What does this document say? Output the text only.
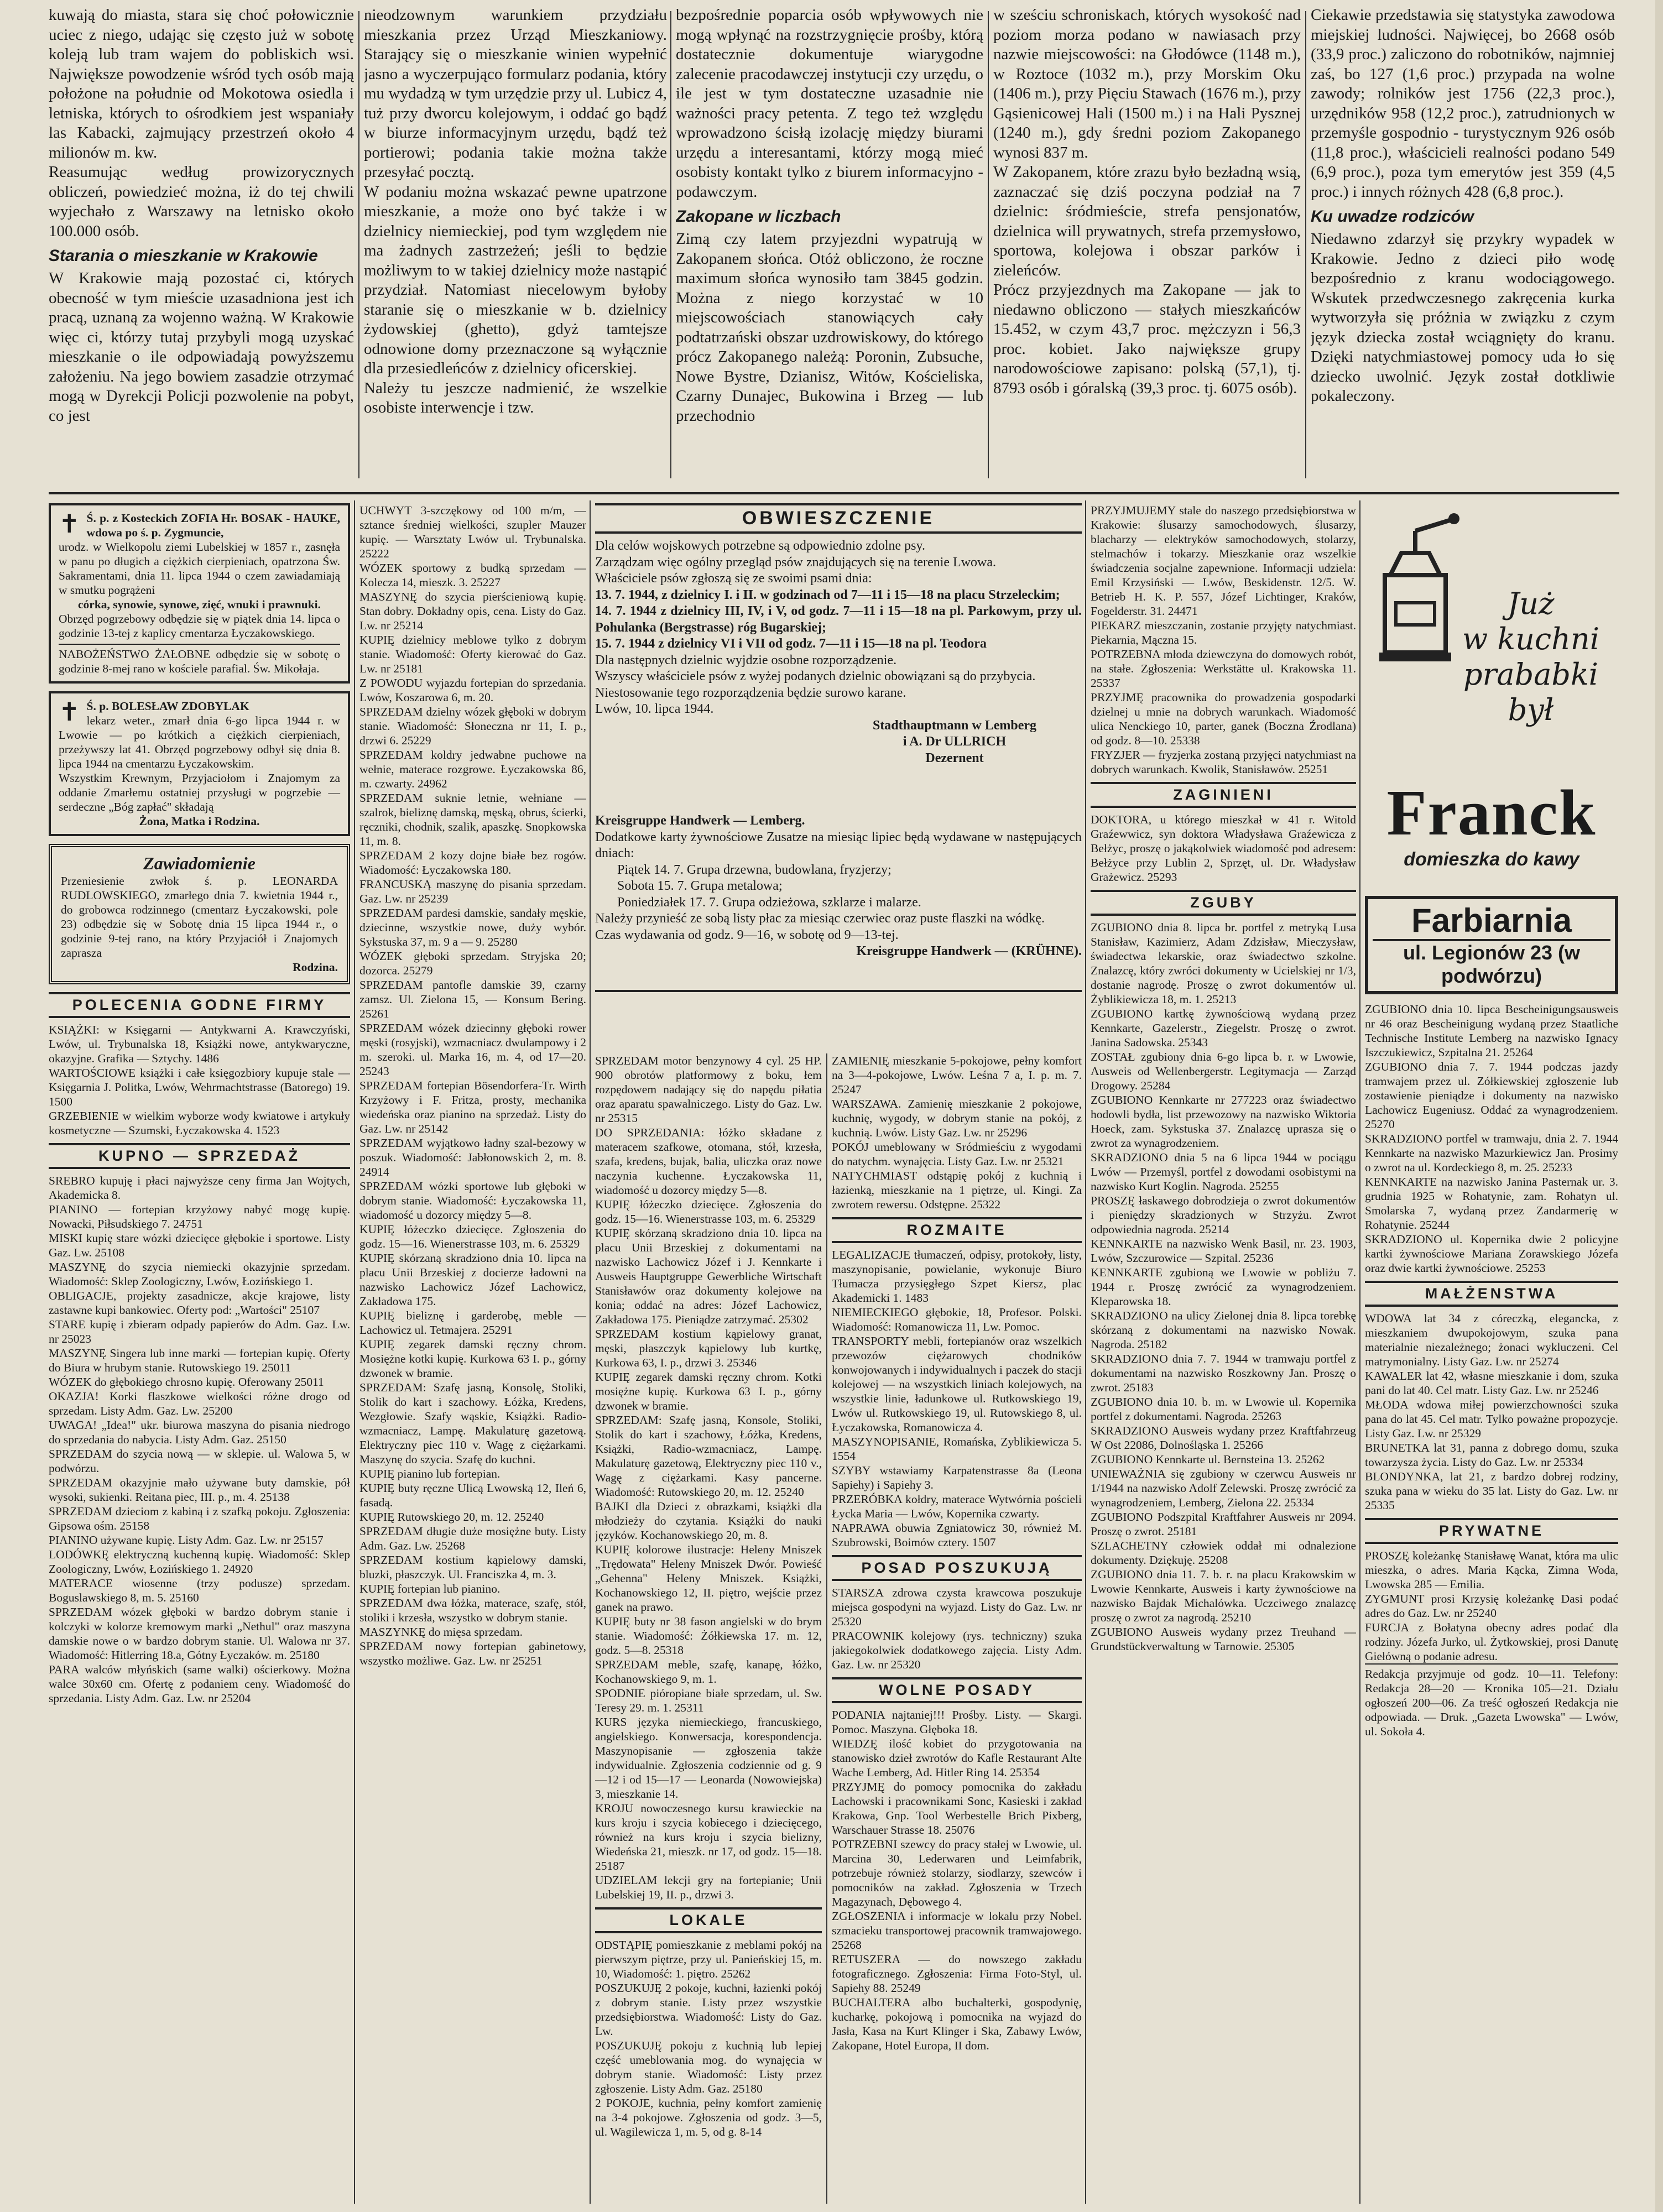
kuwają do miasta, stara się choć połowicznie uciec z niego, udając się często już w sobotę koleją lub tram wajem do pobliskich wsi. Największe powodzenie wśród tych osób mają położone na południe od Mokotowa osiedla i letniska, których to ośrodkiem jest wspaniały las Kabacki, zajmujący przestrzeń około 4 milionów m. kw.
Reasumując według prowizorycznych obliczeń, powiedzieć można, iż do tej chwili wyjechało z Warszawy na letnisko około 100.000 osób.

Starania o mieszkanie w Krakowie

W Krakowie mają pozostać ci, których obecność w tym mieście uzasadniona jest ich pracą, uznaną za wojenno ważną. W Krakowie więc ci, którzy tutaj przybyli mogą uzyskać mieszkanie o ile odpowiadają powyższemu założeniu. Na jego bowiem zasadzie otrzymać mogą w Dyrekcji Policji pozwolenie na pobyt, co jest

nieodzownym warunkiem przydziału mieszkania przez Urząd Mieszkaniowy. Starający się o mieszkanie winien wypełnić jasno a wyczerpująco formularz podania, który mu wydadzą w tym urzędzie przy ul. Lubicz 4, tuż przy dworcu kolejowym, i oddać go bądź w biurze informacyjnym urzędu, bądź też portierowi; podania takie można także przesyłać pocztą.
W podaniu można wskazać pewne upatrzone mieszkanie, a może ono być także i w dzielnicy niemieckiej, pod tym względem nie ma żadnych zastrzeżeń; jeśli to będzie możliwym to w takiej dzielnicy może nastąpić przydział. Natomiast niecelowym byłoby staranie się o mieszkanie w b. dzielnicy żydowskiej (ghetto), gdyż tamtejsze odnowione domy przeznaczone są wyłącznie dla przesiedleńców z dzielnicy oficerskiej.
Należy tu jeszcze nadmienić, że wszelkie osobiste interwencje i tzw.

bezpośrednie poparcia osób wpływowych nie mogą wpłynąć na rozstrzygnięcie prośby, którą dostatecznie dokumentuje wiarygodne zalecenie pracodawczej instytucji czy urzędu, o ile jest w tym dostateczne uzasadnie nie ważności pracy petenta. Z tego też względu wprowadzono ścisłą izolację między biurami urzędu a interesantami, którzy mogą mieć osobisty kontakt tylko z biurem informacyjno - podawczym.

Zakopane w liczbach

Zimą czy latem przyjezdni wypatrują w Zakopanem słońca. Otóż obliczono, że roczne maximum słońca wynosiło tam 3845 godzin. Można z niego korzystać w 10 miejscowościach stanowiących cały podtatrzański obszar uzdrowiskowy, do którego prócz Zakopanego należą: Poronin, Zubsuche, Nowe Bystre, Dzianisz, Witów, Kościeliska, Czarny Dunajec, Bukowina i Brzeg — lub przechodnio

w sześciu schroniskach, których wysokość nad poziom morza podano w nawiasach przy nazwie miejscowości: na Głodówce (1148 m.), w Roztoce (1032 m.), przy Morskim Oku (1406 m.), przy Pięciu Stawach (1676 m.), przy Gąsienicowej Hali (1500 m.) i na Hali Pysznej (1240 m.), gdy średni poziom Zakopanego wynosi 837 m.
W Zakopanem, które zrazu było bezładną wsią, zaznaczać się dziś poczyna podział na 7 dzielnic: śródmieście, strefa pensjonatów, dzielnica will prywatnych, strefa przemysłowo, sportowa, kolejowa i obszar parków i zieleńców.
Prócz przyjezdnych ma Zakopane — jak to niedawno obliczono — stałych mieszkańców 15.452, w czym 43,7 proc. mężczyzn i 56,3 proc. kobiet. Jako największe grupy narodowościowe zapisano: polską (57,1), tj. 8793 osób i góralską (39,3 proc. tj. 6075 osób).

Ciekawie przedstawia się statystyka zawodowa miejskiej ludności. Najwięcej, bo 2668 osób (33,9 proc.) zaliczono do robotników, najmniej zaś, bo 127 (1,6 proc.) przypada na wolne zawody; rolników jest 1756 (22,3 proc.), urzędników 958 (12,2 proc.), zatrudnionych w przemyśle gospodnio - turystycznym 926 osób (11,8 proc.), właścicieli realności podano 549 (6,9 proc.), poza tym emerytów jest 359 (4,5 proc.) i innych różnych 428 (6,8 proc.).

Ku uwadze rodziców

Niedawno zdarzył się przykry wypadek w Krakowie. Jedno z dzieci piło wodę bezpośrednio z kranu wodociągowego. Wskutek przedwczesnego zakręcenia kurka wytworzyła się próżnia w związku z czym język dziecka został wciągnięty do kranu. Dzięki natychmiastowej pomocy uda ło się dziecko uwolnić. Język został dotkliwie pokaleczony.

✝ Ś. p. z Kosteckich ZOFIA Hr. BOSAK - HAUKE, wdowa po ś. p. Zygmuncie,

urodz. w Wielkopolu ziemi Lubelskiej w 1857 r., zasnęła w panu po długich a ciężkich cierpieniach, opatrzona Św. Sakramentami, dnia 11. lipca 1944 o czem zawiadamiają w smutku pogrążeni

córka, synowie, synowe, zięć, wnuki i prawnuki.

Obrzęd pogrzebowy odbędzie się w piątek dnia 14. lipca o godzinie 13-tej z kaplicy cmentarza Łyczakowskiego.

NABOŻEŃSTWO ŻAŁOBNE odbędzie się w sobotę o godzinie 8-mej rano w kościele parafial. Św. Mikołaja.

✝ Ś. p. BOLESŁAW ZDOBYLAK

lekarz weter., zmarł dnia 6-go lipca 1944 r. w Lwowie — po krótkich a ciężkich cierpieniach, przeżywszy lat 41. Obrzęd pogrzebowy odbył się dnia 8. lipca 1944 na cmentarzu Łyczakowskim.
Wszystkim Krewnym, Przyjaciołom i Znajomym za oddanie Zmarłemu ostatniej przysługi w pogrzebie — serdeczne „Bóg zapłać" składają

Żona, Matka i Rodzina.

Zawiadomienie

Przeniesienie zwłok ś. p. LEONARDA RUDLOWSKIEGO, zmarłego dnia 7. kwietnia 1944 r., do grobowca rodzinnego (cmentarz Łyczakowski, pole 23) odbędzie się w Sobotę dnia 15 lipca 1944 r., o godzinie 9-tej rano, na który Przyjaciół i Znajomych zaprasza

Rodzina.

POLECENIA GODNE FIRMY

KSIĄŻKI: w Księgarni — Antykwarni A. Krawczyński, Lwów, ul. Trybunalska 18, Książki nowe, antykwaryczne, okazyjne. Grafika — Sztychy. 1486
WARTOŚCIOWE książki i całe księgozbiory kupuje stale — Księgarnia J. Politka, Lwów, Wehrmachtstrasse (Batorego) 19. 1500
GRZEBIENIE w wielkim wyborze wody kwiatowe i artykuły kosmetyczne — Szumski, Łyczakowska 4. 1523

KUPNO — SPRZEDAŻ

SREBRO kupuję i płaci najwyższe ceny firma Jan Wojtych, Akademicka 8.
PIANINO — fortepian krzyżowy nabyć mogę kupię. Nowacki, Piłsudskiego 7. 24751
MISKI kupię stare wózki dziecięce głębokie i sportowe. Listy Gaz. Lw. 25108
MASZYNĘ do szycia niemiecki okazyjnie sprzedam. Wiadomość: Sklep Zoologiczny, Lwów, Łozińskiego 1.
OBLIGACJE, projekty zasadnicze, akcje krajowe, listy zastawne kupi bankowiec. Oferty pod: „Wartości" 25107
STARE kupię i zbieram odpady papierów do Adm. Gaz. Lw. nr 25023
MASZYNĘ Singera lub inne marki — fortepian kupię. Oferty do Biura w hrubym stanie. Rutowskiego 19. 25011
WÓZEK do głębokiego chrosno kupię. Oferowany 25011
OKAZJA! Korki flaszkowe wielkości różne drogo od sprzedam. Listy Adm. Gaz. Lw. 25200
UWAGA! „Idea!" ukr. biurowa maszyna do pisania niedrogo do sprzedania do nabycia. Listy Adm. Gaz. 25150
SPRZEDAM do szycia nową — w sklepie. ul. Walowa 5, w podwórzu.
SPRZEDAM okazyjnie mało używane buty damskie, pół wysoki, sukienki. Reitana piec, III. p., m. 4. 25138
SPRZEDAM dzieciom z kabiną i z szafką pokoju. Zgłoszenia: Gipsowa ośm. 25158
PIANINO używane kupię. Listy Adm. Gaz. Lw. nr 25157
LODÓWKĘ elektryczną kuchenną kupię. Wiadomość: Sklep Zoologiczny, Lwów, Łozińskiego 1. 24920
MATERACE wiosenne (trzy podusze) sprzedam. Boguslawskiego 8, m. 5. 25160
SPRZEDAM wózek głęboki w bardzo dobrym stanie i kolczyki w kolorze kremowym marki „Nethul" oraz maszyna damskie nowe o w bardzo dobrym stanie. Ul. Walowa nr 37. Wiadomość: Hitlerring 18.a, Gótny Łyczaków. m. 25180
PARA walców młyńskich (same walki) ościerkowy. Można walce 30x60 cm. Ofertę z podaniem ceny. Wiadomość do sprzedania. Listy Adm. Gaz. Lw. nr 25204

UCHWYT 3-szczękowy od 100 m/m, — sztance średniej wielkości, szupler Mauzer kupię. — Warsztaty Lwów ul. Trybunalska. 25222
WÓZEK sportowy z budką sprzedam — Kolecza 14, mieszk. 3. 25227
MASZYNĘ do szycia pierścieniową kupię. Stan dobry. Dokładny opis, cena. Listy do Gaz. Lw. nr 25214
KUPIĘ dzielnicy meblowe tylko z dobrym stanie. Wiadomość: Oferty kierować do Gaz. Lw. nr 25181
Z POWODU wyjazdu fortepian do sprzedania. Lwów, Koszarowa 6, m. 20.
SPRZEDAM dzielny wózek głęboki w dobrym stanie. Wiadomość: Słoneczna nr 11, I. p., drzwi 6. 25229
SPRZEDAM koldry jedwabne puchowe na wełnie, materace rozgrowe. Łyczakowska 86, m. czwarty. 24962
SPRZEDAM suknie letnie, wełniane — szalrok, bieliznę damską, męską, obrus, ścierki, ręczniki, chodnik, szalik, apaszkę. Snopkowska 11, m. 8.
SPRZEDAM 2 kozy dojne białe bez rogów. Wiadomość: Łyczakowska 180.
FRANCUSKĄ maszynę do pisania sprzedam. Gaz. Lw. nr 25239
SPRZEDAM pardesi damskie, sandały męskie, dziecinne, wszystkie nowe, duży wybór. Sykstuska 37, m. 9 a — 9. 25280
WÓZEK głęboki sprzedam. Stryjska 20; dozorca. 25279
SPRZEDAM pantofle damskie 39, czarny zamsz. Ul. Zielona 15, — Konsum Bering. 25261
SPRZEDAM wózek dziecinny głęboki rower męski (rosyjski), wzmacniacz dwulampowy i 2 m. szeroki. ul. Marka 16, m. 4, od 17—20. 25243
SPRZEDAM fortepian Bösendorfera-Tr. Wirth Krzyżowy i F. Fritza, prosty, mechanika wiedeńska oraz pianino na sprzedaż. Listy do Gaz. Lw. nr 25142
SPRZEDAM wyjątkowo ładny szal-bezowy w poszuk. Wiadomość: Jabłonowskich 2, m. 8. 24914
SPRZEDAM wózki sportowe lub głęboki w dobrym stanie. Wiadomość: Łyczakowska 11, wiadomość u dozorcy między 5—8.
KUPIĘ łóżeczko dziecięce. Zgłoszenia do godz. 15—16. Wienerstrasse 103, m. 6. 25329
KUPIĘ skórzaną skradziono dnia 10. lipca na placu Unii Brzeskiej z docierze ładowni na nazwisko Lachowicz Józef Lachowicz, Zakładowa 175.
KUPIĘ bieliznę i garderobę, meble — Lachowicz ul. Tetmajera. 25291
KUPIĘ zegarek damski ręczny chrom. Mosiężne kotki kupię. Kurkowa 63 I. p., górny dzwonek w bramie.
SPRZEDAM: Szafę jasną, Konsolę, Stoliki, Stolik do kart i szachowy. Łóżka, Kredens, Wezgłowie. Szafy wąskie, Książki. Radio-wzmacniacz, Lampę. Makulaturę gazetową. Elektryczny piec 110 v. Wagę z ciężarkami. Maszynę do szycia. Szafę do kuchni.
KUPIĘ pianino lub fortepian.
KUPIĘ buty ręczne Ulicą Lwowską 12, Ileń 6, fasadą.
KUPIĘ Rutowskiego 20, m. 12. 25240
SPRZEDAM długie duże mosiężne buty. Listy Adm. Gaz. Lw. 25268
SPRZEDAM kostium kąpielowy damski, bluzki, płaszczyk. Ul. Franciszka 4, m. 3.
KUPIĘ fortepian lub pianino.
SPRZEDAM dwa łóżka, materace, szafę, stół, stoliki i krzesła, wszystko w dobrym stanie.
MASZYNKĘ do mięsa sprzedam.
SPRZEDAM nowy fortepian gabinetowy, wszystko możliwe. Gaz. Lw. nr 25251

OBWIESZCZENIE

Dla celów wojskowych potrzebne są odpowiednio zdolne psy.
Zarządzam więc ogólny przegląd psów znajdujących się na terenie Lwowa.
Właściciele psów zgłoszą się ze swoimi psami dnia:

13. 7. 1944, z dzielnicy I. i II. w godzinach od 7—11 i 15—18 na placu Strzeleckim;
14. 7. 1944 z dzielnicy III, IV, i V, od godz. 7—11 i 15—18 na pl. Parkowym, przy ul. Pohulanka (Bergstrasse) róg Bugarskiej;
15. 7. 1944 z dzielnicy VI i VII od godz. 7—11 i 15—18 na pl. Teodora

Dla następnych dzielnic wyjdzie osobne rozporządzenie.
Wszyscy właściciele psów z wyżej podanych dzielnic obowiązani są do przybycia.
Niestosowanie tego rozporządzenia będzie surowo karane.
Lwów, 10. lipca 1944.

Stadthauptmann w Lemberg
i A. Dr ULLRICH
Dezernent

Kreisgruppe Handwerk — Lemberg.

Dodatkowe karty żywnościowe Zusatze na miesiąc lipiec będą wydawane w następujących dniach:

Piątek 14. 7. Grupa drzewna, budowlana, fryzjerzy;
Sobota 15. 7. Grupa metalowa;
Poniedziałek 17. 7. Grupa odzieżowa, szklarze i malarze.

Należy przynieść ze sobą listy płac za miesiąc czerwiec oraz puste flaszki na wódkę.
Czas wydawania od godz. 9—16, w sobotę od 9—13-tej.

Kreisgruppe Handwerk — (KRÜHNE).

SPRZEDAM motor benzynowy 4 cyl. 25 HP. 900 obrotów platformowy z boku, łem rozpędowem nadający się do napędu piłatia oraz aparatu spawalniczego. Listy do Gaz. Lw. nr 25315
DO SPRZEDANIA: łóżko składane z materacem szafkowe, otomana, stół, krzesła, szafa, kredens, bujak, balia, uliczka oraz nowe naczynia kuchenne. Łyczakowska 11, wiadomość u dozorcy między 5—8.
KUPIĘ łóżeczko dziecięce. Zgłoszenia do godz. 15—16. Wienerstrasse 103, m. 6. 25329
KUPIĘ skórzaną skradziono dnia 10. lipca na placu Unii Brzeskiej z dokumentami na nazwisko Lachowicz Józef i J. Kennkarte i Ausweis Hauptgruppe Gewerbliche Wirtschaft Stanisławów oraz dokumenty kolejowe na konia; oddać na adres: Józef Lachowicz, Zakładowa 175. Pieniądze zatrzymać. 25302
SPRZEDAM kostium kąpielowy granat, męski, płaszczyk kąpielowy lub kurtkę, Kurkowa 63, I. p., drzwi 3. 25346
KUPIĘ zegarek damski ręczny chrom. Kotki mosiężne kupię. Kurkowa 63 I. p., górny dzwonek w bramie.
SPRZEDAM: Szafę jasną, Konsole, Stoliki, Stolik do kart i szachowy, Łóżka, Kredens, Książki, Radio-wzmacniacz, Lampę. Makulaturę gazetową, Elektryczny piec 110 v., Wagę z ciężarkami. Kasy pancerne. Wiadomość: Rutowskiego 20, m. 12. 25240
BAJKI dla Dzieci z obrazkami, książki dla młodzieży do czytania. Książki do nauki języków. Kochanowskiego 20, m. 8.
KUPIĘ kolorowe ilustracje: Heleny Mniszek „Trędowata" Heleny Mniszek Dwór. Powieść „Gehenna" Heleny Mniszek. Książki, Kochanowskiego 12, II. piętro, wejście przez ganek na prawo.
KUPIĘ buty nr 38 fason angielski w do brym stanie. Wiadomość: Żółkiewska 17. m. 12, godz. 5—8. 25318
SPRZEDAM meble, szafę, kanapę, łóżko, Kochanowskiego 9, m. 1.
SPODNIE pióropiane białe sprzedam, ul. Sw. Teresy 29. m. 1. 25311

KURS języka niemieckiego, francuskiego, angielskiego. Konwersacja, korespondencja. Maszynopisanie — zgłoszenia także indywidualnie. Zgłoszenia codziennie od g. 9—12 i od 15—17 — Leonarda (Nowowiejska) 3, mieszkanie 14.
KROJU nowoczesnego kursu krawieckie na kurs kroju i szycia kobiecego i dziecięcego, również na kurs kroju i szycia bielizny, Wiedeńska 21, mieszk. nr 17, od godz. 15—18. 25187
UDZIELAM lekcji gry na fortepianie; Unii Lubelskiej 19, II. p., drzwi 3.

LOKALE

ODSTĄPIĘ pomieszkanie z meblami pokój na pierwszym piętrze, przy ul. Panieńskiej 15, m. 10, Wiadomość: 1. piętro. 25262
POSZUKUJĘ 2 pokoje, kuchni, łazienki pokój z dobrym stanie. Listy przez wszystkie przedsiębiorstwa. Wiadomość: Listy do Gaz. Lw.
POSZUKUJĘ pokoju z kuchnią lub lepiej część umeblowania mog. do wynajęcia w dobrym stanie. Wiadomość: Listy przez zgłoszenie. Listy Adm. Gaz. 25180
2 POKOJE, kuchnia, pełny komfort zamienię na 3-4 pokojowe. Zgłoszenia od godz. 3—5, ul. Wagilewicza 1, m. 5, od g. 8-14

ZAMIENIĘ mieszkanie 5-pokojowe, pełny komfort na 3—4-pokojowe, Lwów. Leśna 7 a, I. p. m. 7. 25247
WARSZAWA. Zamienię mieszkanie 2 pokojowe, kuchnię, wygody, w dobrym stanie na pokój, z kuchnią. Lwów. Listy Gaz. Lw. nr 25296
POKÓJ umeblowany w Sródmieściu z wygodami do natychm. wynajęcia. Listy Gaz. Lw. nr 25321
NATYCHMIAST odstąpię pokój z kuchnią i łazienką, mieszkanie na 1 piętrze, ul. Kingi. Za zwrotem rewersu. Odstępne. 25322

ROZMAITE

LEGALIZACJE tłumaczeń, odpisy, protokoły, listy, maszynopisanie, powielanie, wykonuje Biuro Tłumacza przysięgłego Szpet Kiersz, plac Akademicki 1. 1483
NIEMIECKIEGO głębokie, 18, Profesor. Polski. Wiadomość: Romanowicza 11, Lw. Pomoc.
TRANSPORTY mebli, fortepianów oraz wszelkich przewozów ciężarowych chodników konwojowanych i indywidualnych i paczek do stacji kolejowej — na wszystkich liniach kolejowych, na wszystkie linie, ładunkowe ul. Rutkowskiego 19, Lwów ul. Rutkowskiego 19, ul. Rutowskiego 8, ul. Łyczakowska, Romanowicza 4.
MASZYNOPISANIE, Romańska, Zyblikiewicza 5. 1554
SZYBY wstawiamy Karpatenstrasse 8a (Leona Sapiehy) i Sapiehy 3.
PRZERÓBKA kołdry, materace Wytwórnia pościeli Łycka Maria — Lwów, Kopernika czwarty.
NAPRAWA obuwia Zgniatowicz 30, również M. Szubrowski, Boimów cztery. 1507

POSAD POSZUKUJĄ

STARSZA zdrowa czysta krawcowa poszukuje miejsca gospodyni na wyjazd. Listy do Gaz. Lw. nr 25320
PRACOWNIK kolejowy (rys. techniczny) szuka jakiegokolwiek dodatkowego zajęcia. Listy Adm. Gaz. Lw. nr 25320

WOLNE POSADY

PODANIA najtaniej!!! Prośby. Listy. — Skargi. Pomoc. Maszyna. Głęboka 18.
WIEDZĘ ilość kobiet do przygotowania na stanowisko dzieł zwrotów do Kafle Restaurant Alte Wache Lemberg, Ad. Hitler Ring 14. 25354
PRZYJMĘ do pomocy pomocnika do zakładu Lachowski i pracownikami Sonc, Kasieski i zakład Krakowa, Gnp. Tool Werbestelle Brich Pixberg, Warschauer Strasse 18. 25076
POTRZEBNI szewcy do pracy stałej w Lwowie, ul. Marcina 30, Lederwaren und Leimfabrik, potrzebuje również stolarzy, siodlarzy, szewców i pomocników na zakład. Zgłoszenia w Trzech Magazynach, Dębowego 4.
ZGŁOSZENIA i informacje w lokalu przy Nobel. szmacieku transportowej pracownik tramwajowego. 25268
RETUSZERA — do nowszego zakładu fotograficznego. Zgłoszenia: Firma Foto-Styl, ul. Sapiehy 88. 25249
BUCHALTERA albo buchalterki, gospodynię, kucharkę, pokojową i pomocnika na wyjazd do Jasła, Kasa na Kurt Klinger i Ska, Zabawy Lwów, Zakopane, Hotel Europa, II dom.

PRZYJMUJEMY stale do naszego przedsiębiorstwa w Krakowie: ślusarzy samochodowych, ślusarzy, blacharzy — elektryków samochodowych, stolarzy, stelmachów i tokarzy. Mieszkanie oraz wszelkie świadczenia socjalne zapewnione. Informacji udziela: Emil Krzysiński — Lwów, Beskidenstr. 12/5. W. Betrieb H. K. P. 557, Józef Lichtinger, Kraków, Fogelderstr. 31. 24471
PIEKARZ mieszczanin, zostanie przyjęty natychmiast. Piekarnia, Mączna 15.
POTRZEBNA młoda dziewczyna do domowych robót, na stałe. Zgłoszenia: Werkstätte ul. Krakowska 11. 25337
PRZYJMĘ pracownika do prowadzenia gospodarki dzielnej u mnie na dobrych warunkach. Wiadomość ulica Nenckiego 10, parter, ganek (Boczna Źrodlana) od godz. 8—10. 25338
FRYZJER — fryzjerka zostaną przyjęci natychmiast na dobrych warunkach. Kwolik, Stanisławów. 25251

ZAGINIENI

DOKTORA, u którego mieszkał w 41 r. Witold Graźewwicz, syn doktora Władysława Graźewicza z Bełżyc, proszę o jakąkolwiek wiadomość pod adresem: Bełżyce przy Lublin 2, Sprzęt, ul. Dr. Władysław Grażewicz. 25293

ZGUBY

ZGUBIONO dnia 8. lipca br. portfel z metryką Lusa Stanisław, Kazimierz, Adam Zdzisław, Mieczysław, świadectwa lekarskie, oraz świadectwo szkolne. Znalazcę, który zwróci dokumenty w Ucielskiej nr 1/3, dostanie nagrodę. Proszę o zwrot dokumentów ul. Żyblikiewicza 18, m. 1. 25213
ZGUBIONO kartkę żywnościową wydaną przez Kennkarte, Gazelerstr., Ziegelstr. Proszę o zwrot. Janina Sadowska. 25343
ZOSTAŁ zgubiony dnia 6-go lipca b. r. w Lwowie, Ausweis od Wellenbergerstr. Legitymacja — Zarząd Drogowy. 25284
ZGUBIONO Kennkarte nr 277223 oraz świadectwo hodowli bydła, list przewozowy na nazwisko Wiktoria Hoeck, zam. Sykstuska 37. Znalazcę uprasza się o zwrot za wynagrodzeniem.
SKRADZIONO dnia 5 na 6 lipca 1944 w pociągu Lwów — Przemyśl, portfel z dowodami osobistymi na nazwisko Kurt Koglin. Nagroda. 25255
PROSZĘ łaskawego dobrodzieja o zwrot dokumentów i pieniędzy skradzionych w Strzyżu. Zwrot odpowiednia nagroda. 25214
KENNKARTE na nazwisko Wenk Basil, nr. 23. 1903, Lwów, Szczurowice — Szpital. 25236
KENNKARTE zgubioną we Lwowie w pobliżu 7. 1944 r. Proszę zwrócić za wynagrodzeniem. Kleparowska 18.
SKRADZIONO na ulicy Zielonej dnia 8. lipca torebkę skórzaną z dokumentami na nazwisko Nowak. Nagroda. 25182
SKRADZIONO dnia 7. 7. 1944 w tramwaju portfel z dokumentami na nazwisko Roszkowny Jan. Proszę o zwrot. 25183
ZGUBIONO dnia 10. b. m. w Lwowie ul. Kopernika portfel z dokumentami. Nagroda. 25263
SKRADZIONO Ausweis wydany przez Kraftfahrzeug W Ost 22086, Dolnośląska 1. 25266
ZGUBIONO Kennkarte ul. Bernsteina 13. 25262
UNIEWAŻNIA się zgubiony w czerwcu Ausweis nr 1/1944 na nazwisko Adolf Zelewski. Proszę zwrócić za wynagrodzeniem, Lemberg, Zielona 22. 25334
ZGUBIONO Podszpital Kraftfahrer Ausweis nr 2094. Proszę o zwrot. 25181
SZLACHETNY człowiek oddał mi odnalezione dokumenty. Dziękuję. 25208
ZGUBIONO dnia 11. 7. b. r. na placu Krakowskim w Lwowie Kennkarte, Ausweis i karty żywnościowe na nazwisko Bajdak Michalówka. Uczciwego znalazcę proszę o zwrot za nagrodą. 25210
ZGUBIONO Ausweis wydany przez Treuhand — Grundstückverwaltung w Tarnowie. 25305

Już
w kuchni
prababki
był
Franck
domieszka do kawy
Farbiarnia
ul. Legionów 23 (w podwórzu)

ZGUBIONO dnia 10. lipca Bescheinigungsausweis nr 46 oraz Bescheinigung wydaną przez Staatliche Technische Institute Lemberg na nazwisko Ignacy Iszczukiewicz, Szpitalna 21. 25264
ZGUBIONO dnia 7. 7. 1944 podczas jazdy tramwajem przez ul. Zółkiewskiej zgłoszenie lub zostawienie pieniądze i dokumenty na nazwisko Lachowicz Eugeniusz. Oddać za wynagrodzeniem. 25270
SKRADZIONO portfel w tramwaju, dnia 2. 7. 1944 Kennkarte na nazwisko Mazurkiewicz Jan. Prosimy o zwrot na ul. Kordeckiego 8, m. 25. 25233
KENNKARTE na nazwisko Janina Pasternak ur. 3. grudnia 1925 w Rohatynie, zam. Rohatyn ul. Smolarska 7, wydaną przez Zandarmerię w Rohatynie. 25244
SKRADZIONO ul. Kopernika dwie 2 policyjne kartki żywnościowe Mariana Zorawskiego Józefa oraz dwie kartki żywnościowe. 25253

MAŁŻENSTWA

WDOWA lat 34 z córeczką, elegancka, z mieszkaniem dwupokojowym, szuka pana materialnie niezależnego; żonaci wykluczeni. Cel matrymonialny. Listy Gaz. Lw. nr 25274
KAWALER lat 42, własne mieszkanie i dom, szuka pani do lat 40. Cel matr. Listy Gaz. Lw. nr 25246
MŁODA wdowa miłej powierzchowności szuka pana do lat 45. Cel matr. Tylko poważne propozycje. Listy Gaz. Lw. nr 25329
BRUNETKA lat 31, panna z dobrego domu, szuka towarzysza życia. Listy do Gaz. Lw. nr 25334
BLONDYNKA, lat 21, z bardzo dobrej rodziny, szuka pana w wieku do 35 lat. Listy do Gaz. Lw. nr 25335

PRYWATNE

PROSZĘ koleżankę Stanisławę Wanat, która ma ulic mieszka, o adres. Maria Kącka, Zimna Woda, Lwowska 285 — Emilia.
ZYGMUNT prosi Krzysię koleżankę Dasi podać adres do Gaz. Lw. nr 25240
FURCJA z Bołatyna obecny adres podać dla rodziny. Józefa Jurko, ul. Żytkowskiej, prosi Danutę Giełówną o podanie adresu.

Redakcja przyjmuje od godz. 10—11. Telefony: Redakcja 28—20 — Kronika 105—21. Działu ogłoszeń 200—06. Za treść ogłoszeń Redakcja nie odpowiada. — Druk. „Gazeta Lwowska" — Lwów, ul. Sokoła 4.
